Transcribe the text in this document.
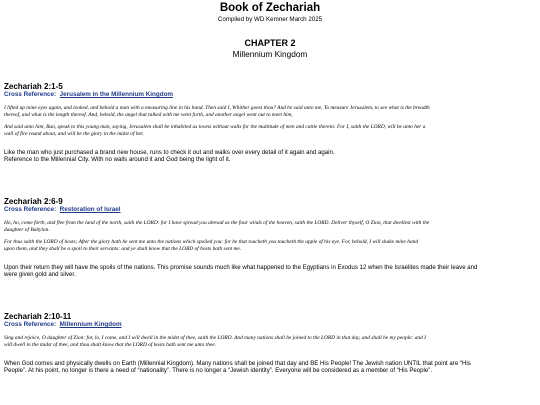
Book of Zechariah
Compiled by WD Kemner March 2025
CHAPTER 2
Millennium Kingdom

Zechariah 2:1-5

Cross Reference: Jerusalem in the Millennium Kingdom

I lifted up mine eyes again, and looked, and behold a man with a measuring line in his hand. Then said I, Whither goest thou? And he said unto me, To measure Jerusalem, to see what is the breadth

thereof, and what is the length thereof. And, behold, the angel that talked with me went forth, and another angel went out to meet him,

And said unto him, Run, speak to this young man, saying, Jerusalem shall be inhabited as towns without walls for the multitude of men and cattle therein: For I, saith the LORD, will be unto her a

wall of fire round about, and will be the glory in the midst of her.

Like the man who just purchased a brand new house, runs to check it out and walks over every detail of it again and again.

Reference to the Millennial City. With no walls around it and God being the light of it.

Zechariah 2:6-9

Cross Reference: Restoration of Israel

Ho, ho, come forth, and flee from the land of the north, saith the LORD: for I have spread you abroad as the four winds of the heaven, saith the LORD. Deliver thyself, O Zion, that dwellest with the

daughter of Babylon.

For thus saith the LORD of hosts; After the glory hath he sent me unto the nations which spoiled you: for he that toucheth you toucheth the apple of his eye. For, behold, I will shake mine hand

upon them, and they shall be a spoil to their servants: and ye shall know that the LORD of hosts hath sent me.

Upon their return they will have the spoils of the nations. This promise sounds much like what happened to the Egyptians in Exodus 12 when the Israelites made their leave and

were given gold and silver.

Zechariah 2:10-11

Cross Reference: Millennium Kingdom

Sing and rejoice, O daughter of Zion: for, lo, I come, and I will dwell in the midst of thee, saith the LORD. And many nations shall be joined to the LORD in that day, and shall be my people: and I

will dwell in the midst of thee, and thou shalt know that the LORD of hosts hath sent me unto thee.

When God comes and physically dwells on Earth (Millennial Kingdom). Many nations shall be joined that day and BE His People! The Jewish nation UNTIL that point are “His

People”. At his point, no longer is there a need of “nationality”. There is no longer a “Jewish identity”. Everyone will be considered as a member of “His People”.
